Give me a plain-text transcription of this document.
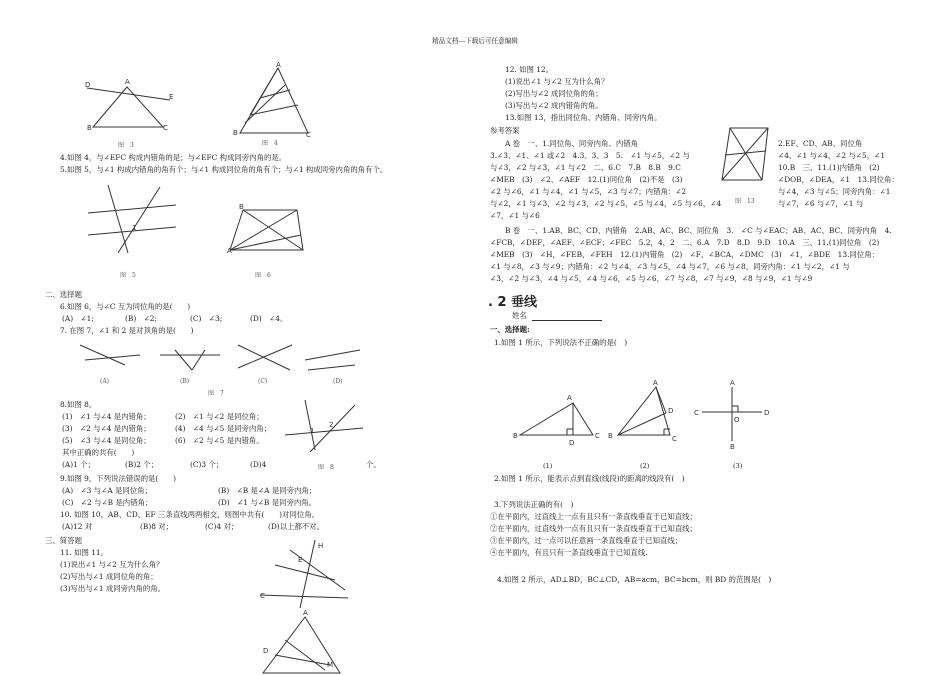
精品文档---下载后可任意编辑
D
E
A
B	C
图　3
A
B	C
图　4
4.如图 4，与∠EFC 构成内错角的是；与∠EFC 构成同旁内角的是。
5.如图 5，与∠1 构成内错角的角有个；与∠1 构成同位角的角有个；与∠1 构成同旁内角的角有个。
1
图　5
B
A
图　6
二、选择题
6.如图 6，与∠C 互为同位角的是(　　)
(A)　∠1;	(B)　∠2;	(C)　∠3;	(D)　∠4。
7. 在图 7，∠1 和 2 是对顶角的是(　　)
(A)	(B)	(C)	(D)
图　7
8.如图 8。
(1)　∠1 与∠4 是内错角；	(2)　∠1 与∠2 是同位角；
(3)　∠2 与∠4 是内错角；	(4)　∠4 与∠5 是同旁内角；
(5)　∠3 与∠4 是同位角；	(6)　∠2 与∠5 是内错角。
其中正确的共有(　　)
(A)1 个；	(B)2 个；	(C)3 个；	(D)4	个。
1
2
图　8
9.如图 9，下列说法错误的是(　　)
(A)　∠3 与∠A 是同位角；	(B)　∠B 是∠A 是同旁内角；
(C)　∠2 与∠B 是内错角；	(D)　∠1 与∠B 是同旁内角。
10. 如图 10，AB、CD、EF 三条直线两两相交，则图中共有(　　)对同位角。
(A)12 对	(B)8 对；	(C)4 对；	(D)以上都不对。
三、简答题
11. 如图 11。
(1)说出∠1 与∠2 互为什么角？
(2)写出与∠1 成同位角的角；
(3)写出与∠1 成同旁内角的角。
H
E
C
A
D
M
12. 如图 12。
(1)说出∠1 与∠2 互为什么角？
(2)写出与∠2 成同位角的角；
(3)写出与∠2 成内错角的角。
13.如图 13，指出同位角、内错角、同旁内角。
参考答案
A 卷　一、1.同位角、同旁内角、内错角
3.∠3、∠1、∠1 或∠2　4.3、3、3　5.　∠1 与∠5，∠2 与
与∠3，∠2 与∠3，∠1 与∠2　二、6.C　7.B　8.B　9.C
∠MEB　(3)　∠2、∠AEF　12.(1)同位角　(2)不是　(3)
∠2 与∠6，∠1 与∠4，∠1 与∠5，∠3 与∠7；内错角：∠2
与∠2，∠1 与∠3，∠2 与∠3，∠2 与∠5，∠5 与∠4，∠5 与∠6，∠4
∠7，∠1 与∠6
图　13
2.EF、CD、AB、同位角
∠4、∠1 与∠4，∠2 与∠5，∠1
10.B　三、11.(1)内错角　(2)
∠DOB，∠DEA，∠1　13.同位角：
与∠4，∠3 与∠5；同旁内角：∠1
与∠7，∠6 与∠7，∠1 与
B 卷　一、1.AB、BC、CD、内错角　2.AB、AC、BC、同位角　3.　∠C 与∠EAC；AB、AC、BC、同旁内角　4.
∠FCB，∠DEF，∠AEF、∠ECF；∠FEC　5.2，4，2　二、6.A　7.D　8.D　9.D　10.A　三、11.(1)同位角　(2)
∠MEB　(3)　∠H，∠FEB，∠FEH　12.(1)内错角　(2)　∠F，∠BCA，∠DMC　(3)　∠1，∠BDE　13.同位角：
∠1 与∠8，∠3 与∠9；内错角：∠2 与∠4，∠3 与∠5，∠4 与∠7，∠6 与∠8，同旁内角：∠1 与∠2，∠1 与
∠3，∠2 与∠3，∠4 与∠5，∠4 与∠6，∠5 与∠6，∠7 与∠8，∠7 与∠9，∠8 与∠9，∠1 与∠9
. 2 垂线
姓名
一、选择题:
1.如图 1 所示，下列说法不正确的是(　)
A
B
D
C
A
B
D
C
A
C	D
O
B
(1)	(2)	(3)
2.如图 1 所示，能表示点到直线(线段)的距离的线段有(　)
3.下列说法正确的有(　)
①在平面内，过直线上一点有且只有一条直线垂直于已知直线；
②在平面内，过直线外一点有且只有一条直线垂直于已知直线；
③在平面内，过一点可以任意画一条直线垂直于已知直线；
④在平面内，有且只有一条直线垂直于已知直线.
4.如图 2 所示，AD⊥BD，BC⊥CD，AB=acm，BC=bcm，则 BD 的范围是(　)
